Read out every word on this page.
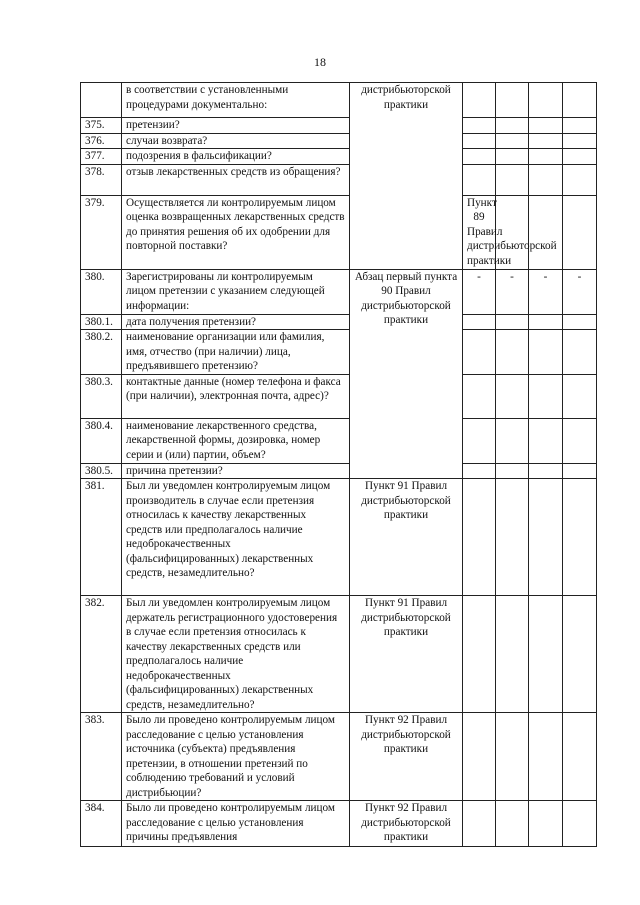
18
	в соответствии с установленными процедурами документально:	дистрибьюторской практики					
375.	претензии?						
376.	случаи возврата?						
377.	подозрения в фальсификации?						
378.	отзыв лекарственных средств из обращения?						
379.	Осуществляется ли контролируемым лицом оценка возвращенных лекарственных средств до принятия решения об их одобрении для повторной поставки?		Пункт 89 Правил дистрибьюторской практики				
380.	Зарегистрированы ли контролируемым лицом претензии с указанием следующей информации:	Абзац первый пункта 90 Правил дистрибьюторской практики	-	-	-	-	
380.1.	дата получения претензии?						
380.2.	наименование организации или фамилия, имя, отчество (при наличии) лица, предъявившего претензию?						
380.3.	контактные данные (номер телефона и факса (при наличии), электронная почта, адрес)?						
380.4.	наименование лекарственного средства, лекарственной формы, дозировка, номер серии и (или) партии, объем?						
380.5.	причина претензии?						
381.	Был ли уведомлен контролируемым лицом производитель в случае если претензия относилась к качеству лекарственных средств или предполагалось наличие недоброкачественных (фальсифицированных) лекарственных средств, незамедлительно?	Пункт 91 Правил дистрибьюторской практики					
382.	Был ли уведомлен контролируемым лицом держатель регистрационного удостоверения в случае если претензия относилась к качеству лекарственных средств или предполагалось наличие недоброкачественных (фальсифицированных) лекарственных средств, незамедлительно?	Пункт 91 Правил дистрибьюторской практики					
383.	Было ли проведено контролируемым лицом расследование с целью установления источника (субъекта) предъявления претензии, в отношении претензий по соблюдению требований и условий дистрибьюции?	Пункт 92 Правил дистрибьюторской практики					
384.	Было ли проведено контролируемым лицом расследование с целью установления причины предъявления	Пункт 92 Правил дистрибьюторской практики					
